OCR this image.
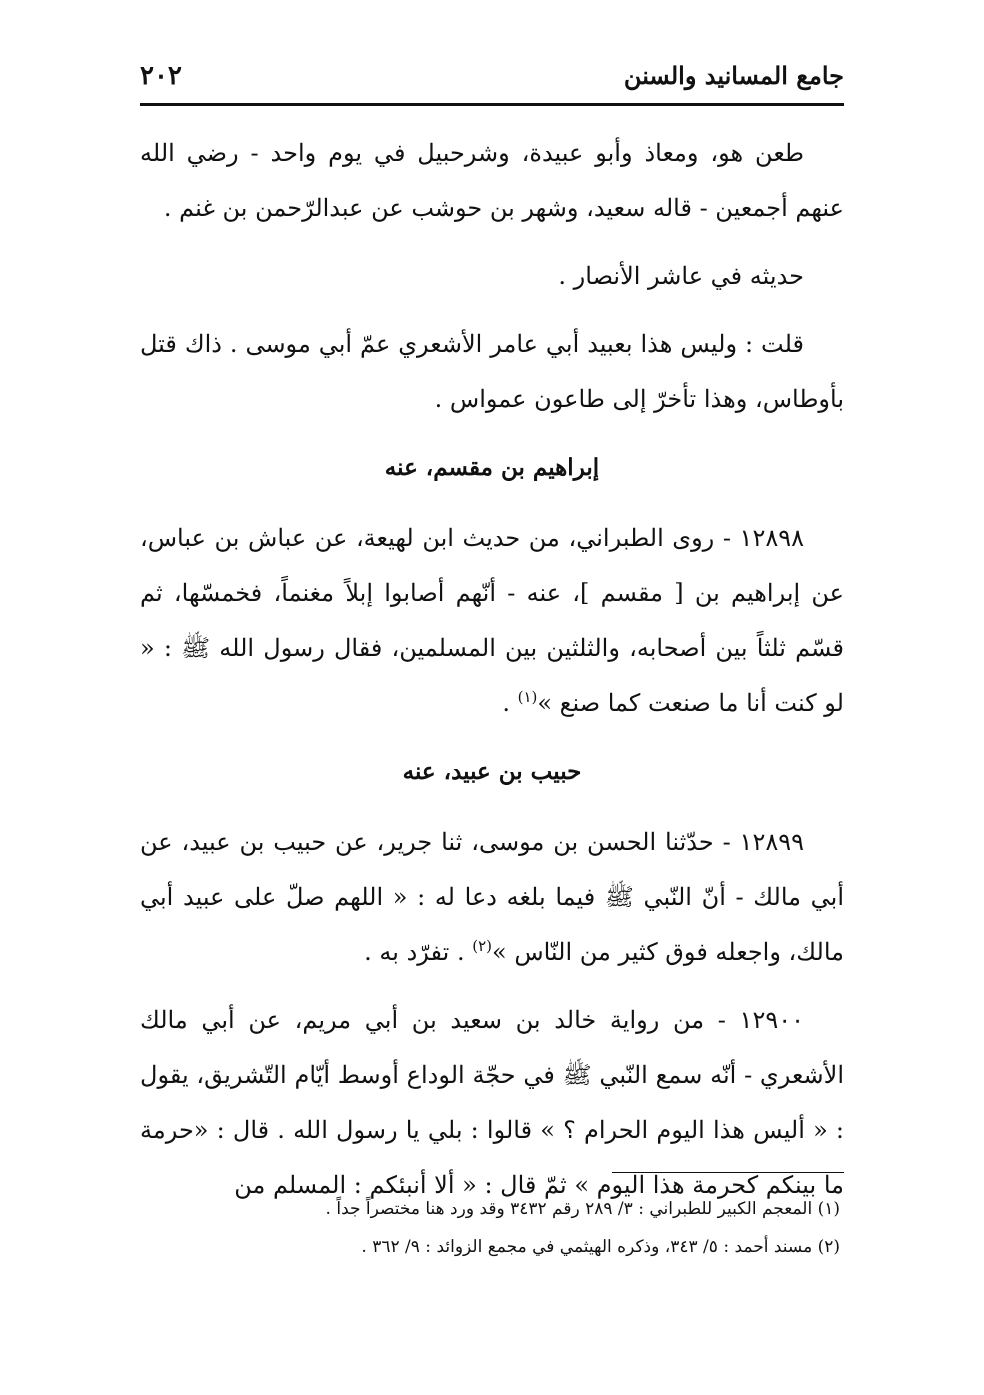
جامع المسانيد والسنن
٢٠٢

طعن هو، ومعاذ وأبو عبيدة، وشرحبيل في يوم واحد - رضي الله عنهم أجمعين - قاله سعيد، وشهر بن حوشب عن عبدالرّحمن بن غنم .

حديثه في عاشر الأنصار .

قلت : وليس هذا بعبيد أبي عامر الأشعري عمّ أبي موسى . ذاك قتل بأوطاس، وهذا تأخرّ إلى طاعون عمواس .

إبراهيم بن مقسم، عنه

١٢٨٩٨ - روى الطبراني، من حديث ابن لهيعة، عن عباش بن عباس، عن إبراهيم بن [ مقسم ]، عنه - أنّهم أصابوا إبلاً مغنماً، فخمسّها، ثم قسّم ثلثاً بين أصحابه، والثلثين بين المسلمين، فقال رسول الله ﷺ : « لو كنت أنا ما صنعت كما صنع »$^{(١)}$ .

حبيب بن عبيد، عنه

١٢٨٩٩ - حدّثنا الحسن بن موسى، ثنا جرير، عن حبيب بن عبيد، عن أبي مالك - أنّ النّبي ﷺ فيما بلغه دعا له : « اللهم صلّ على عبيد أبي مالك، واجعله فوق كثير من النّاس »$^{(٢)}$ . تفرّد به .

١٢٩٠٠ - من رواية خالد بن سعيد بن أبي مريم، عن أبي مالك الأشعري - أنّه سمع النّبي ﷺ في حجّة الوداع أوسط أيّام التّشريق، يقول : « أليس هذا اليوم الحرام ؟ » قالوا : بلي يا رسول الله . قال : «حرمة ما بينكم كحرمة هذا اليوم » ثمّ قال : « ألا أنبئكم : المسلم من

(١) المعجم الكبير للطبراني : ٣/ ٢٨٩ رقم ٣٤٣٢ وقد ورد هنا مختصراً جداً .
(٢) مسند أحمد : ٥/ ٣٤٣، وذكره الهيثمي في مجمع الزوائد : ٩/ ٣٦٢ .
